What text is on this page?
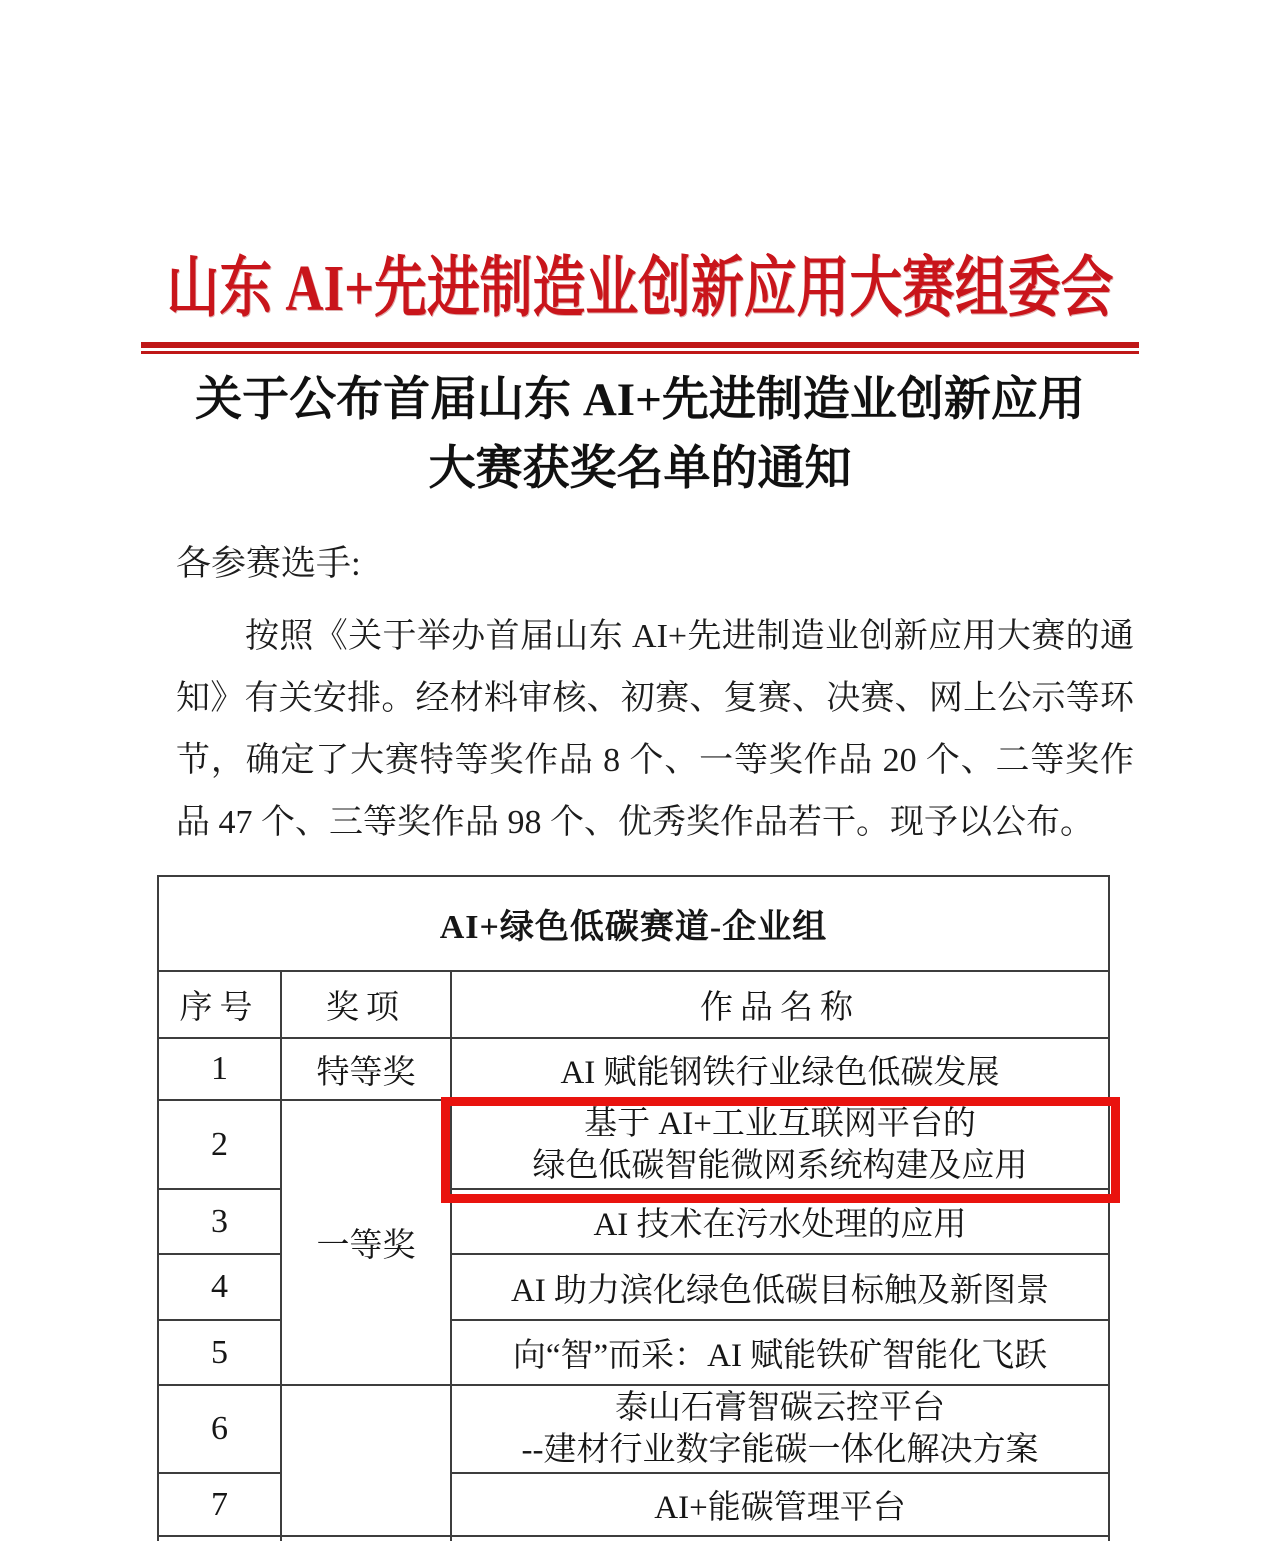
山东 AI+先进制造业创新应用大赛组委会
关于公布首届山东 AI+先进制造业创新应用
大赛获奖名单的通知
各参赛选手:
按照《关于举办首届山东 AI+先进制造业创新应用大赛的通
知》有关安排。经材料审核、初赛、复赛、决赛、网上公示等环
节，确定了大赛特等奖作品 8 个、一等奖作品 20 个、二等奖作
品 47 个、三等奖作品 98 个、优秀奖作品若干。现予以公布。
AI+绿色低碳赛道-企业组		
序号	奖项	作品名称
1	特等奖	AI 赋能钢铁行业绿色低碳发展
2	一等奖	基于 AI+工业互联网平台的
绿色低碳智能微网系统构建及应用

3		AI 技术在污水处理的应用
4		AI 助力滨化绿色低碳目标触及新图景
5		向“智”而采：AI 赋能铁矿智能化飞跃
6		泰山石膏智碳云控平台
--建材行业数字能碳一体化解决方案

7		AI+能碳管理平台
